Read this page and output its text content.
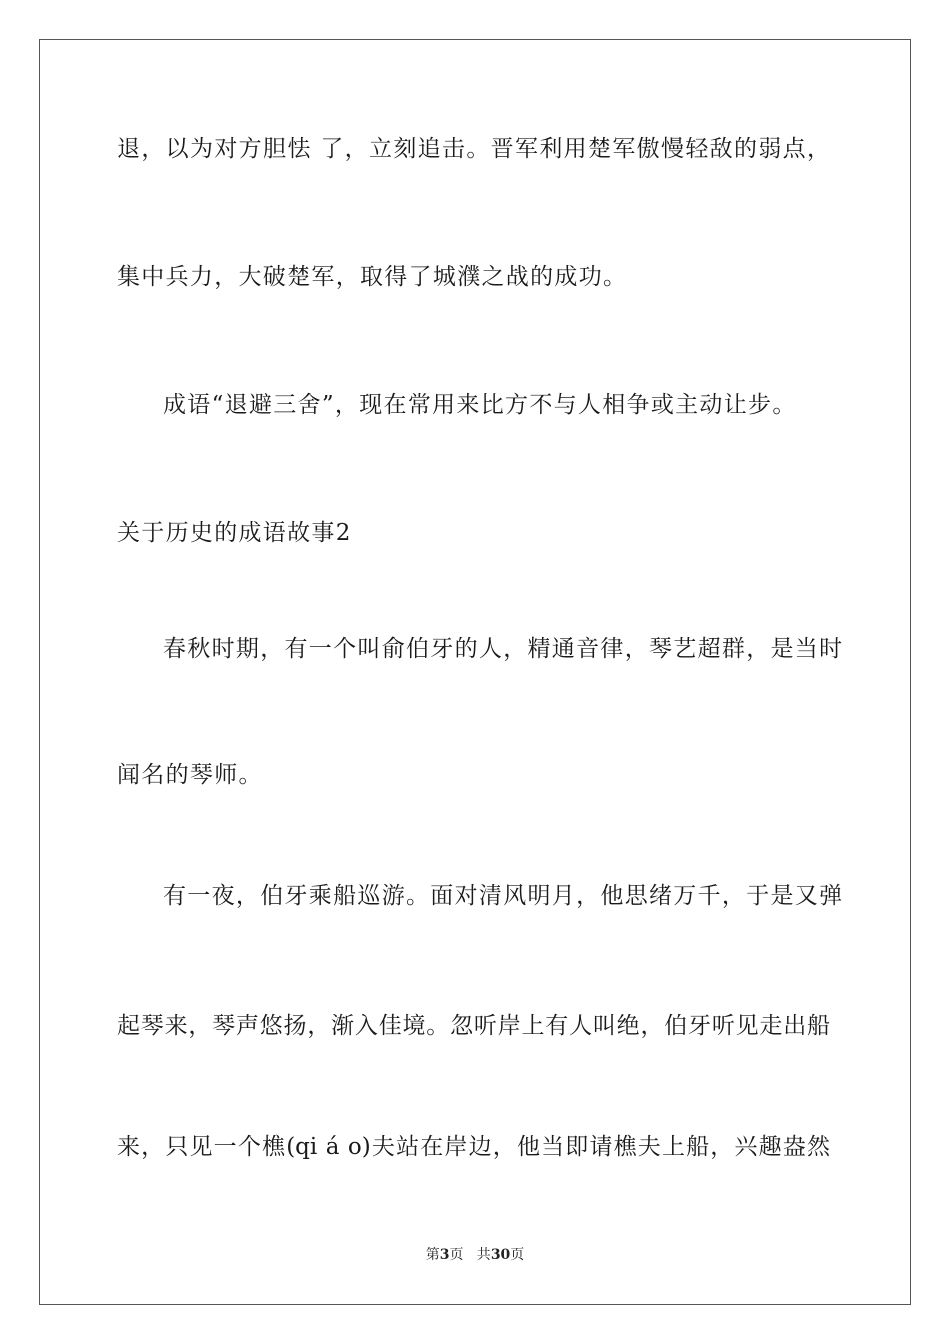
退，以为对方胆怯 了，立刻追击。晋军利用楚军傲慢轻敌的弱点，
集中兵力，大破楚军，取得了城濮之战的成功。
成语“退避三舍”，现在常用来比方不与人相争或主动让步。
关于历史的成语故事2
春秋时期，有一个叫俞伯牙的人，精通音律，琴艺超群，是当时
闻名的琴师。
有一夜，伯牙乘船巡游。面对清风明月，他思绪万千，于是又弹
起琴来，琴声悠扬，渐入佳境。忽听岸上有人叫绝，伯牙听见走出船
来，只见一个樵(qi á o)夫站在岸边，他当即请樵夫上船，兴趣盎然
第3页   共30页
